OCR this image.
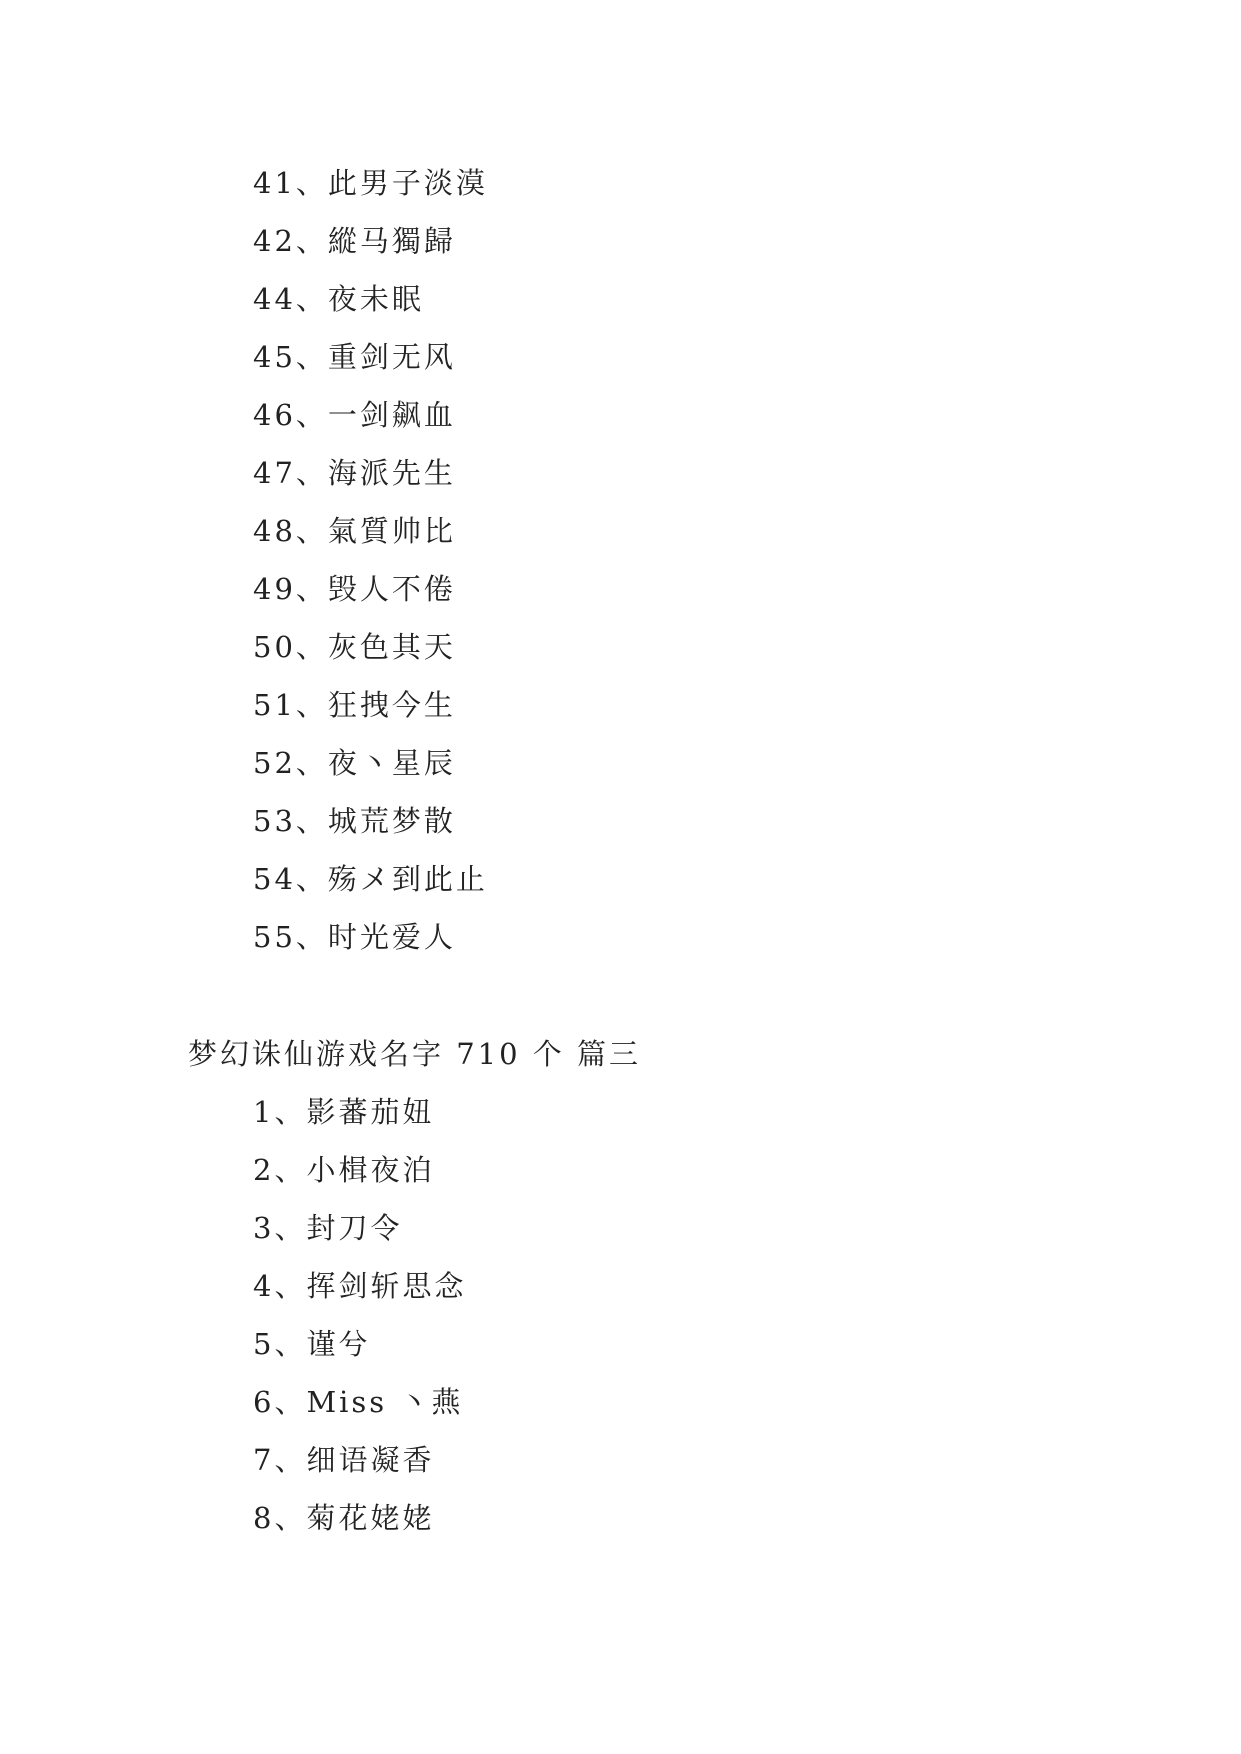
41、此男子淡漠
42、縱马獨歸
44、夜未眠
45、重剑无风
46、一剑飙血
47、海派先生
48、氣質帅比
49、毁人不倦
50、灰色其天
51、狂拽今生
52、夜丶星辰
53、城荒梦散
54、殇メ到此止
55、时光爱人
梦幻诛仙游戏名字 710 个 篇三
1、影蕃茄妞
2、小楫夜泊
3、封刀令
4、挥剑斩思念
5、谨兮
6、Miss 丶燕
7、细语凝香
8、菊花姥姥
